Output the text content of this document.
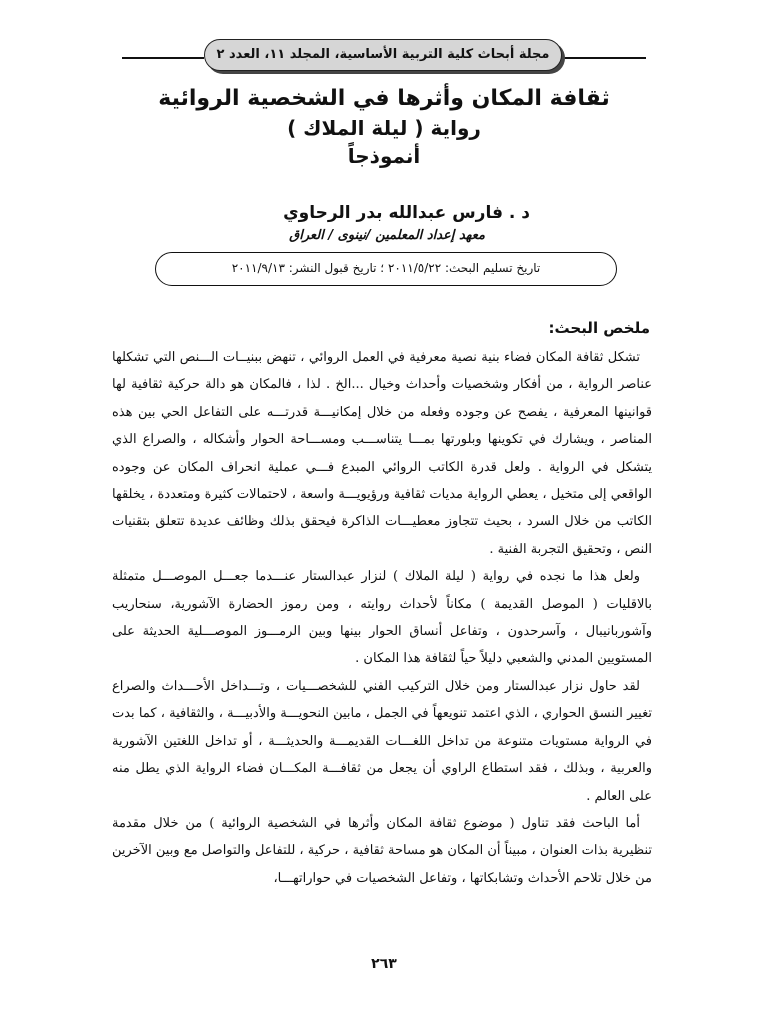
مجلة أبحاث كلية التربية الأساسية، المجلد ١١، العدد ٢
ثقافة المكان وأثرها في الشخصية الروائية
رواية ( ليلة الملاك )
أنموذجاً
د . فارس عبدالله بدر الرحاوي
معهد إعداد المعلمين /نينوى / العراق
تاريخ تسليم البحث: ٢٠١١/٥/٢٢ ؛ تاريخ قبول النشر: ٢٠١١/٩/١٣
ملخص البحث:

تشكل ثقافة المكان فضاء بنية نصية معرفية في العمل الروائي ، تنهض ببنيــات الـــنص التي تشكلها عناصر الرواية ، من أفكار وشخصيات وأحداث وخيال ...الخ . لذا ، فالمكان هو دالة حركية ثقافية لها قوانينها المعرفية ، يفصح عن وجوده وفعله من خلال إمكانيـــة قدرتـــه على التفاعل الحي بين هذه المناصر ، ويشارك في تكوينها وبلورتها بمـــا يتناســـب ومســـاحة الحوار وأشكاله ، والصراع الذي يتشكل في الرواية . ولعل قدرة الكاتب الروائي المبدع فـــي عملية انحراف المكان عن وجوده الواقعي إلى متخيل ، يعطي الرواية مديات ثقافية ورؤيويـــة واسعة ، لاحتمالات كثيرة ومتعددة ، يخلقها الكاتب من خلال السرد ، بحيث تتجاوز معطيـــات الذاكرة فيحقق بذلك وظائف عديدة تتعلق بتقنيات النص ، وتحقيق التجربة الفنية .

ولعل هذا ما نجده في رواية ( ليلة الملاك ) لنزار عبدالستار عنـــدما جعـــل الموصـــل متمثلة بالاقليات ( الموصل القديمة ) مكاناً لأحداث روايته ، ومن رموز الحضارة الآشورية، سنحاريب وآشوربانيبال ، وآسرحدون ، وتفاعل أنساق الحوار بينها وبين الرمـــوز الموصـــلية الحديثة على المستويين المدني والشعبي دليلاً حياً لثقافة هذا المكان .

لقد حاول نزار عبدالستار ومن خلال التركيب الفني للشخصـــيات ، وتـــداخل الأحـــداث والصراع تغيير النسق الحواري ، الذي اعتمد تنويعهاً في الجمل ، مابين النحويـــة والأدبيـــة ، والثقافية ، كما بدت في الرواية مستويات متنوعة من تداخل اللغـــات القديمـــة والحديثـــة ، أو تداخل اللغتين الآشورية والعربية ، وبذلك ، فقد استطاع الراوي أن يجعل من ثقافـــة المكـــان فضاء الرواية الذي يطل منه على العالم .

أما الباحث فقد تناول ( موضوع ثقافة المكان وأثرها في الشخصية الروائية ) من خلال مقدمة تنظيرية بذات العنوان ، مبيناً أن المكان هو مساحة ثقافية ، حركية ، للتفاعل والتواصل مع وبين الآخرين من خلال تلاحم الأحداث وتشابكاتها ، وتفاعل الشخصيات في حواراتهـــا،

٢٦٣
